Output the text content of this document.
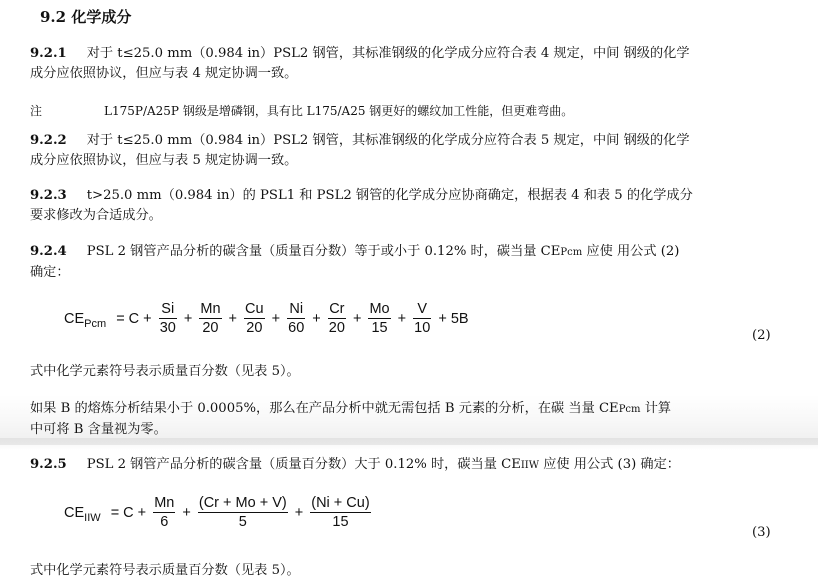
9.2 化学成分
9.2.1 对于 t≤25.0 mm（0.984 in）PSL2 钢管，其标准钢级的化学成分应符合表 4 规定，中间 钢级的化学
成分应依照协议，但应与表 4 规定协调一致。
注	L175P/A25P 钢级是增磷钢，具有比 L175/A25 钢更好的螺纹加工性能，但更难弯曲。
9.2.2 对于 t≤25.0 mm（0.984 in）PSL2 钢管，其标准钢级的化学成分应符合表 5 规定，中间 钢级的化学
成分应依照协议，但应与表 5 规定协调一致。
9.2.3 t>25.0 mm（0.984 in）的 PSL1 和 PSL2 钢管的化学成分应协商确定，根据表 4 和表 5 的化学成分
要求修改为合适成分。
9.2.4 PSL 2 钢管产品分析的碳含量（质量百分数）等于或小于 0.12% 时，碳当量 CEPcm 应使 用公式 (2)
确定：
$CE_{Pcm} = C + \frac{Si}{30} + \frac{Mn}{20} + \frac{Cu}{20} + \frac{Ni}{60} + \frac{Cr}{20} + \frac{Mo}{15} + \frac{V}{10} + 5B$
(2)
式中化学元素符号表示质量百分数（见表 5）。
如果 B 的熔炼分析结果小于 0.0005%，那么在产品分析中就无需包括 B 元素的分析，在碳 当量 CEPcm 计算
中可将 B 含量视为零。
9.2.5 PSL 2 钢管产品分析的碳含量（质量百分数）大于 0.12% 时，碳当量 CEIIW 应使 用公式 (3) 确定：
$CE_{IIW} = C + \frac{Mn}{6} + \frac{(Cr + Mo + V)}{5} + \frac{(Ni + Cu)}{15}$
(3)
式中化学元素符号表示质量百分数（见表 5）。
